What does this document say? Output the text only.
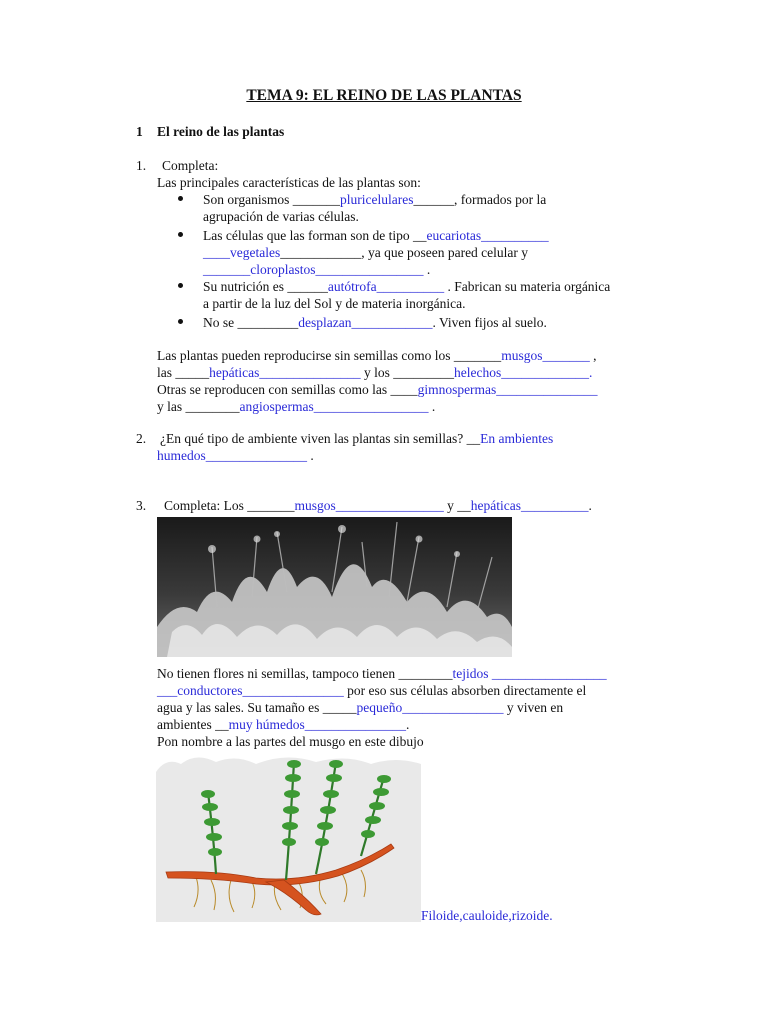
TEMA 9: EL REINO DE LAS PLANTAS
1 El reino de las plantas
1. Completa:
Las principales características de las plantas son:
Son organismos _______pluricelulares______, formados por la
agrupación de varias células.
Las células que las forman son de tipo __eucariotas__________
____vegetales____________, ya que poseen pared celular y
_______cloroplastos________________ .
Su nutrición es ______autótrofa__________ . Fabrican su materia orgánica
a partir de la luz del Sol y de materia inorgánica.
No se _________desplazan____________. Viven fijos al suelo.
Las plantas pueden reproducirse sin semillas como los _______musgos_______ ,
las _____hepáticas_______________ y los _________helechos_____________.
Otras se reproducen con semillas como las ____gimnospermas_______________
y las ________angiospermas_________________ .
2. ¿En qué tipo de ambiente viven las plantas sin semillas? __En ambientes
humedos_______________ .
3. Completa: Los _______musgos________________ y __hepáticas__________.
No tienen flores ni semillas, tampoco tienen ________tejidos _________________
___conductores_______________ por eso sus células absorben directamente el
agua y las sales. Su tamaño es _____pequeño_______________ y viven en
ambientes __muy húmedos_______________.
Pon nombre a las partes del musgo en este dibujo
Filoide,cauloide,rizoide.
